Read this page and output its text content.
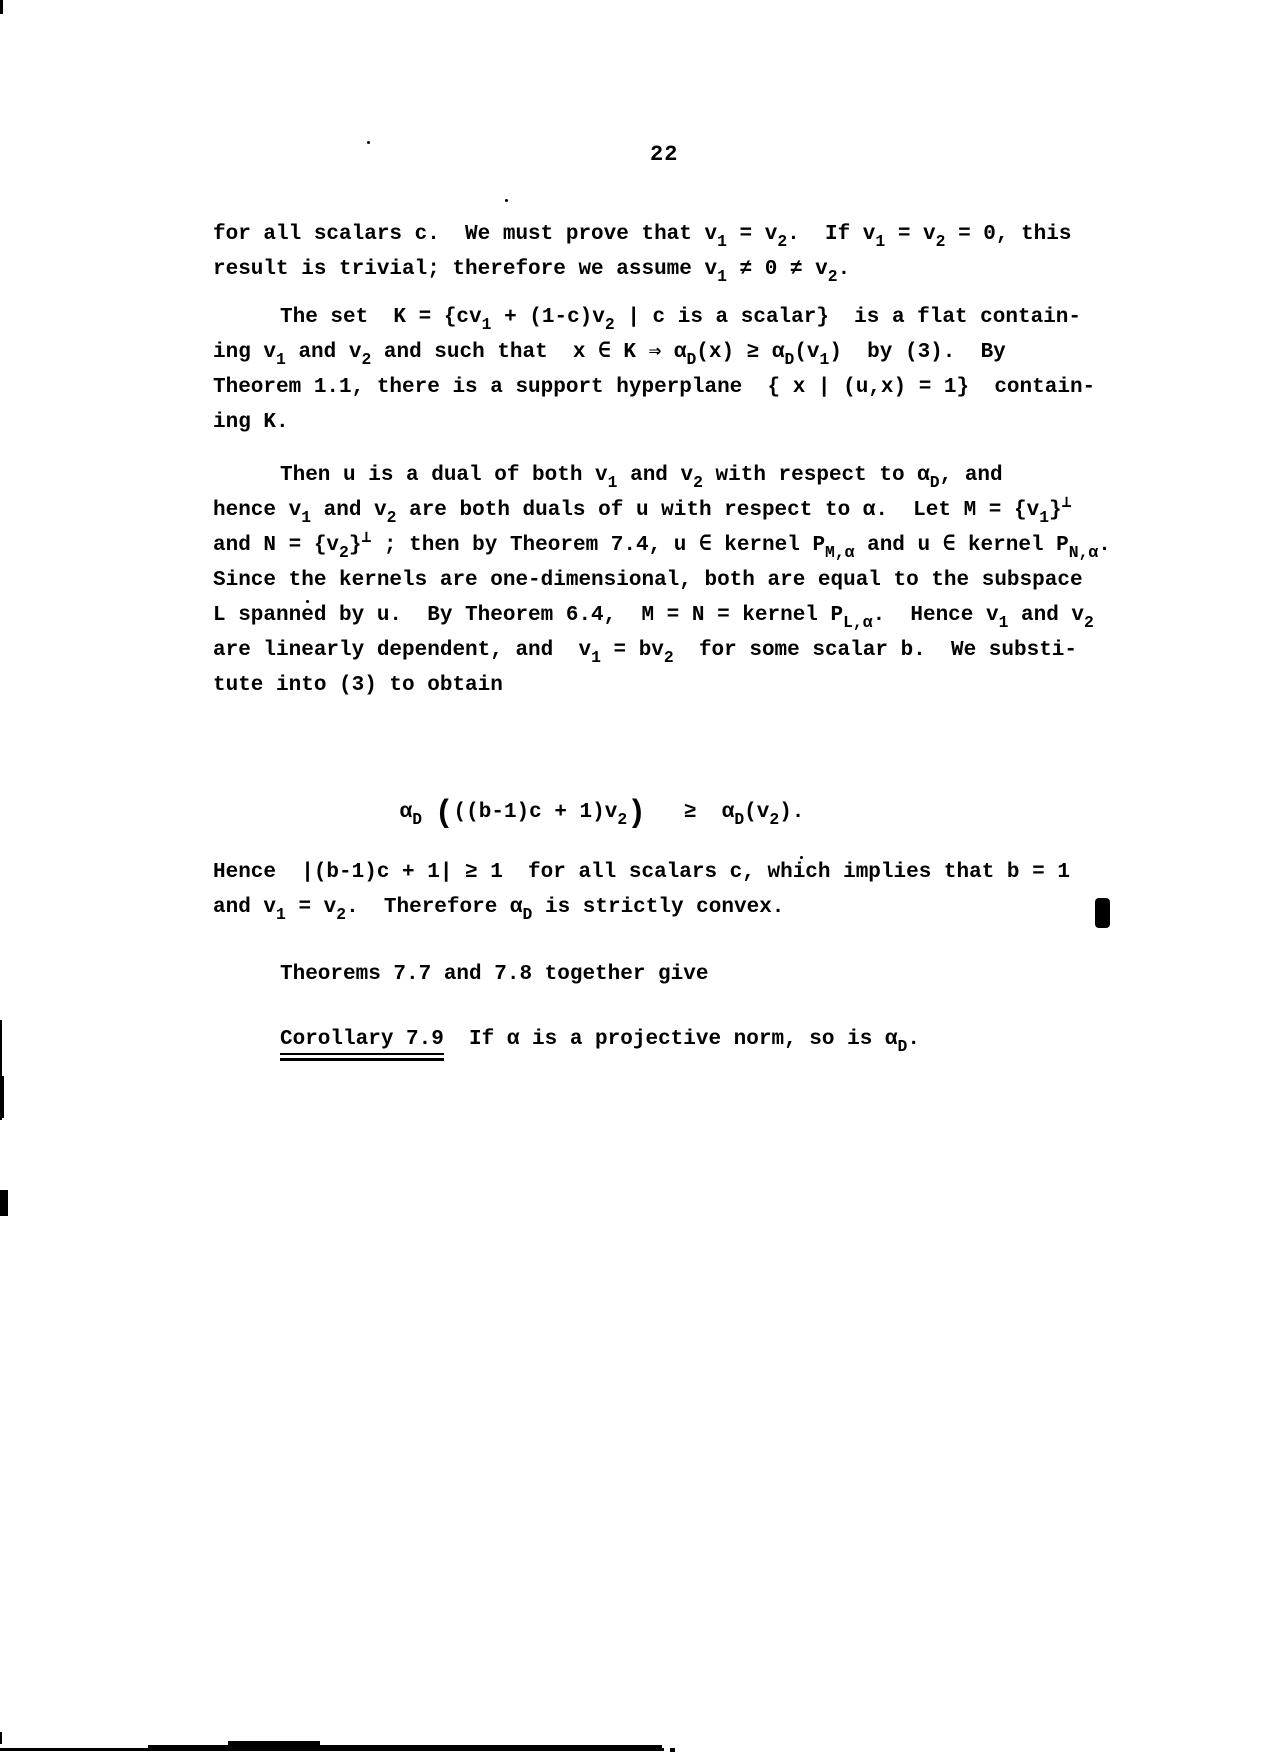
22
for all scalars c.  We must prove that $v_1 = v_2$.  If $v_1 = v_2 = 0$, this
result is trivial; therefore we assume $v_1 \ne 0 \ne v_2$.
The set  $K = \{cv_1 + (1-c)v_2$ | c is a scalar}  is a flat contain-
ing $v_1$ and $v_2$ and such that  x ∈ K ⇒ $\alpha_D(x) \ge \alpha_D(v_1)$  by (3).  By
Theorem 1.1, there is a support hyperplane  { x | (u,x) = 1}  contain-
ing K.
Then u is a dual of both $v_1$ and $v_2$ with respect to $\alpha_D$, and
hence $v_1$ and $v_2$ are both duals of u with respect to α.  Let $M = \{v_1\}^\perp$
and $N = \{v_2\}^\perp$ ; then by Theorem 7.4, u ∈ kernel $P_{M,\alpha}$ and u ∈ kernel $P_{N,\alpha}$.
Since the kernels are one-dimensional, both are equal to the subspace
L spanned by u.  By Theorem 6.4,  M = N = kernel $P_{L,\alpha}$.  Hence $v_1$ and $v_2$
are linearly dependent, and  $v_1 = bv_2$  for some scalar b.  We substi-
tute into (3) to obtain
$\alpha_D$ $(((b-1)c + 1)v_2) \ge \alpha_D(v_2)$.
Hence  |(b-1)c + 1| ≥ 1  for all scalars c, which implies that b = 1
and $v_1 = v_2$.  Therefore $\alpha_D$ is strictly convex.
Theorems 7.7 and 7.8 together give
Corollary 7.9  If α is a projective norm, so is $\alpha_D$.
